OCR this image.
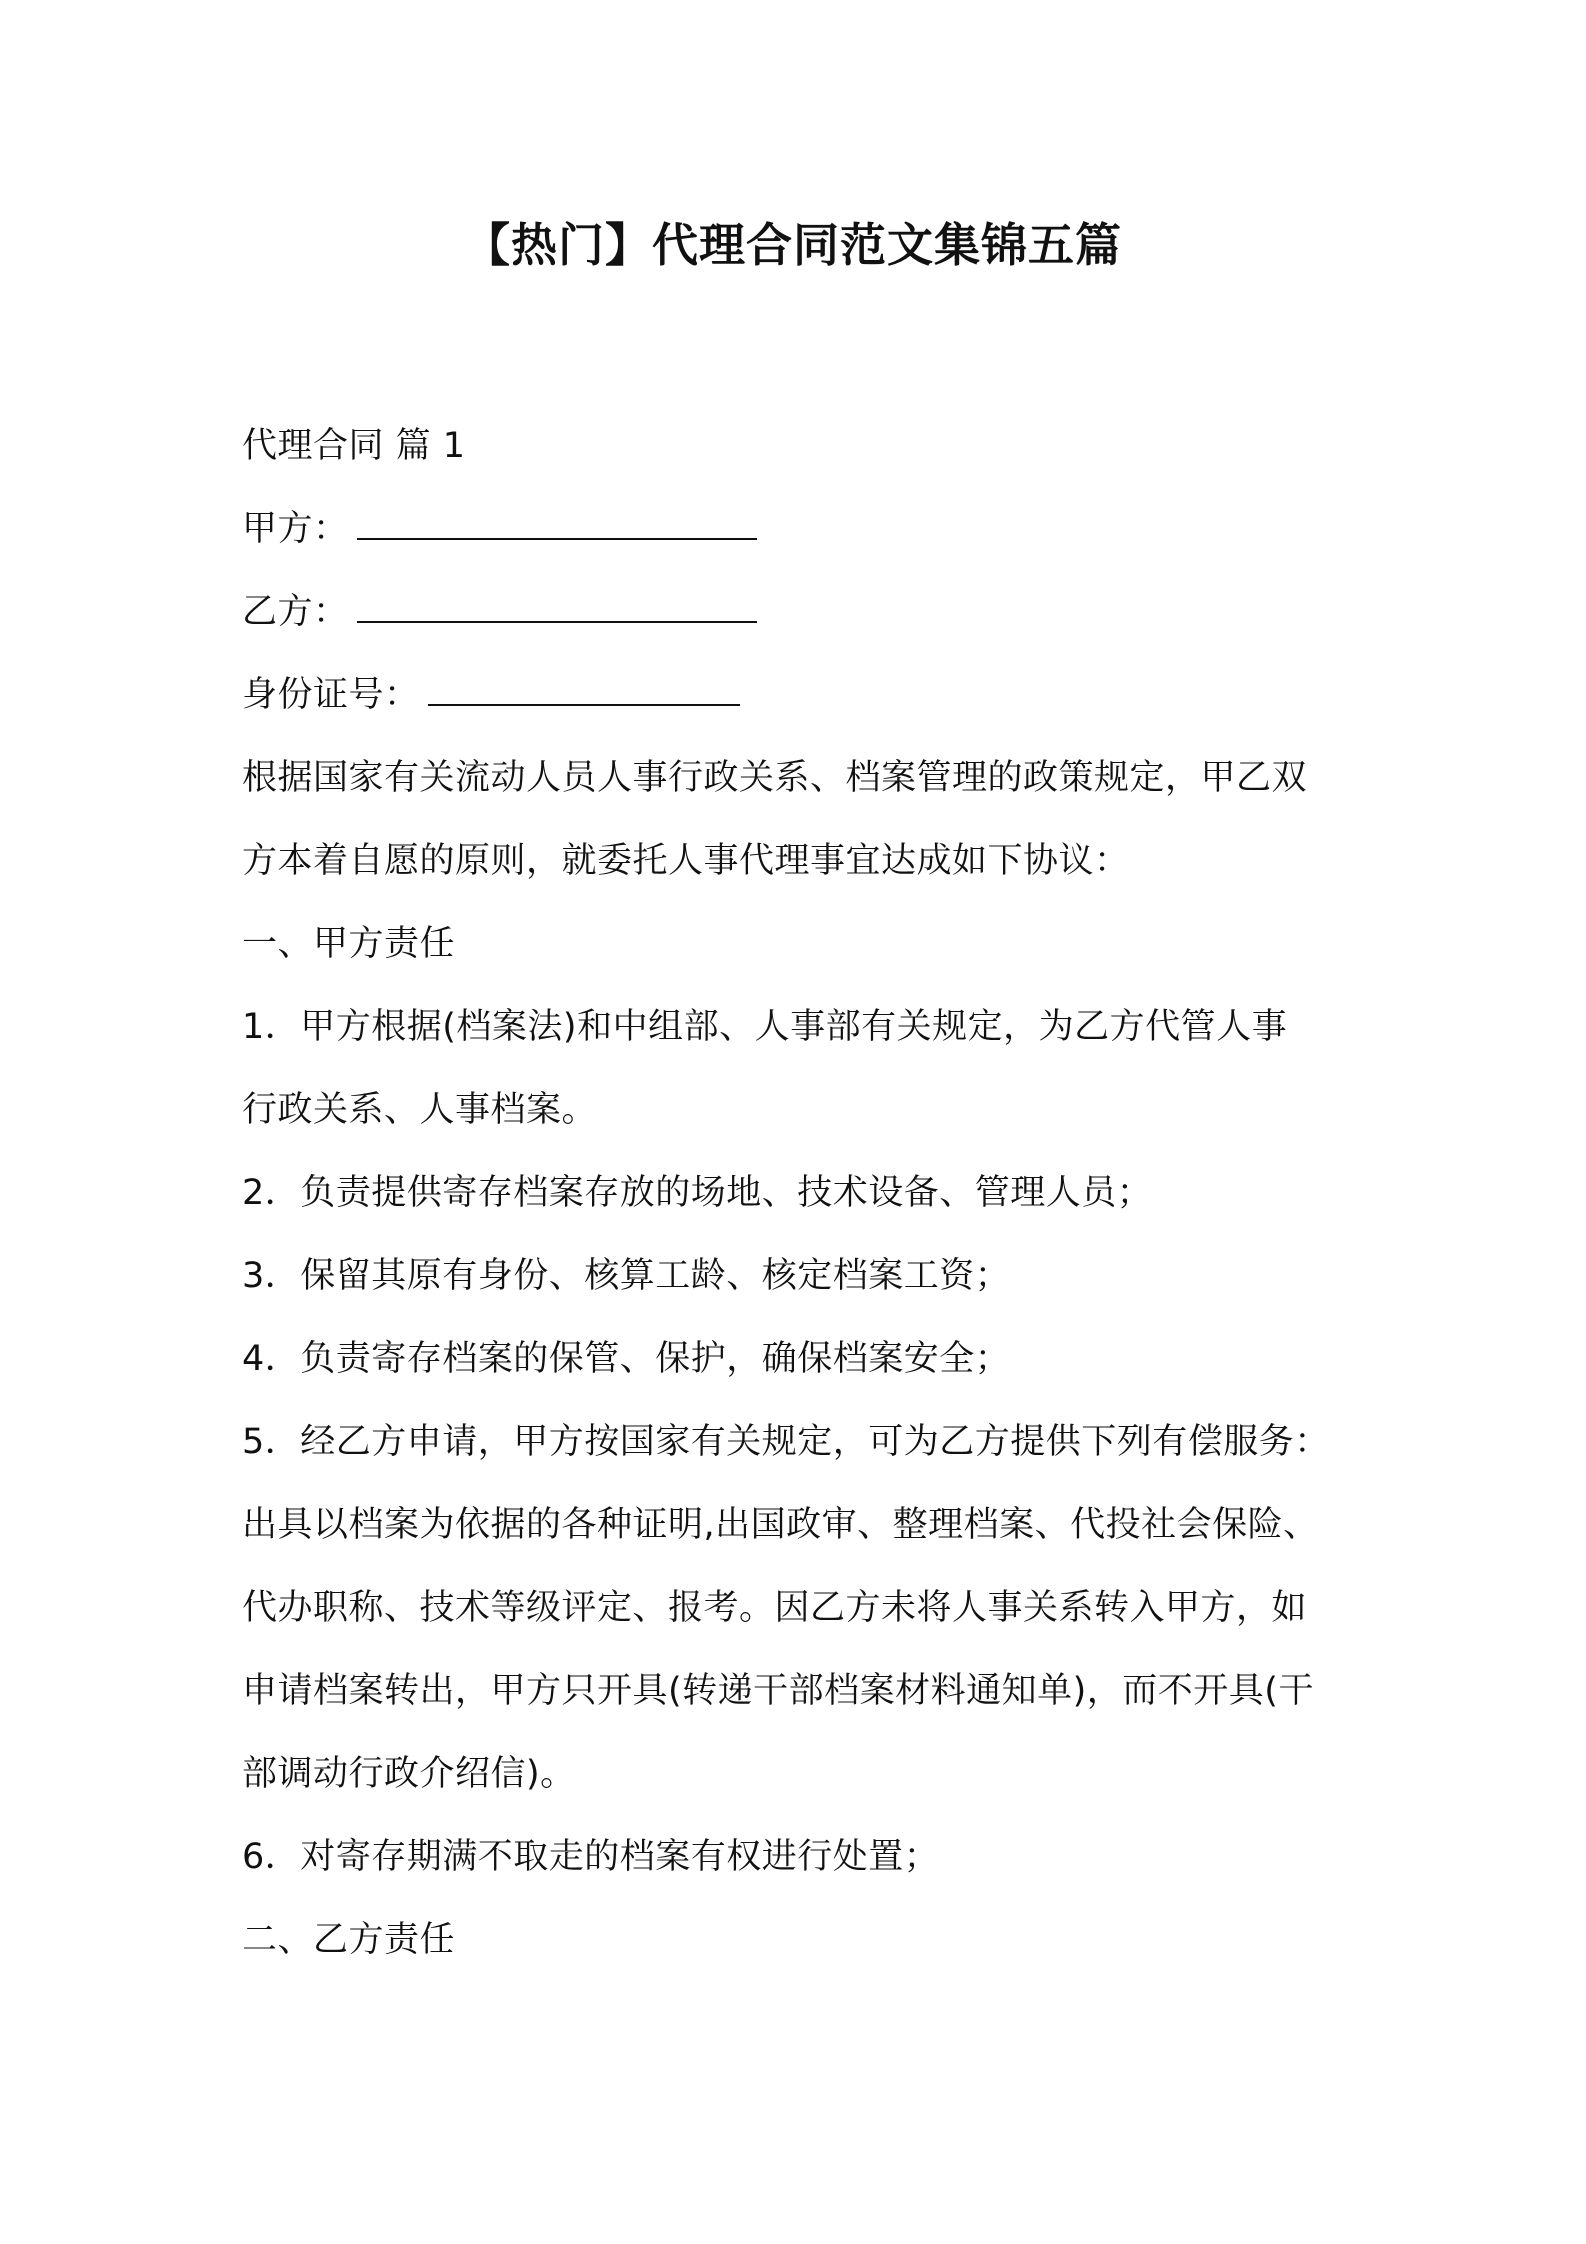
【热门】代理合同范文集锦五篇
代理合同 篇 1
甲方：
乙方：
身份证号：
根据国家有关流动人员人事行政关系、档案管理的政策规定，甲乙双
方本着自愿的原则，就委托人事代理事宜达成如下协议：
一、甲方责任
1．甲方根据(档案法)和中组部、人事部有关规定，为乙方代管人事
行政关系、人事档案。
2．负责提供寄存档案存放的场地、技术设备、管理人员；
3．保留其原有身份、核算工龄、核定档案工资；
4．负责寄存档案的保管、保护，确保档案安全；
5．经乙方申请，甲方按国家有关规定，可为乙方提供下列有偿服务：
出具以档案为依据的各种证明,出国政审、整理档案、代投社会保险、
代办职称、技术等级评定、报考。因乙方未将人事关系转入甲方，如
申请档案转出，甲方只开具(转递干部档案材料通知单)，而不开具(干
部调动行政介绍信)。
6．对寄存期满不取走的档案有权进行处置；
二、乙方责任
